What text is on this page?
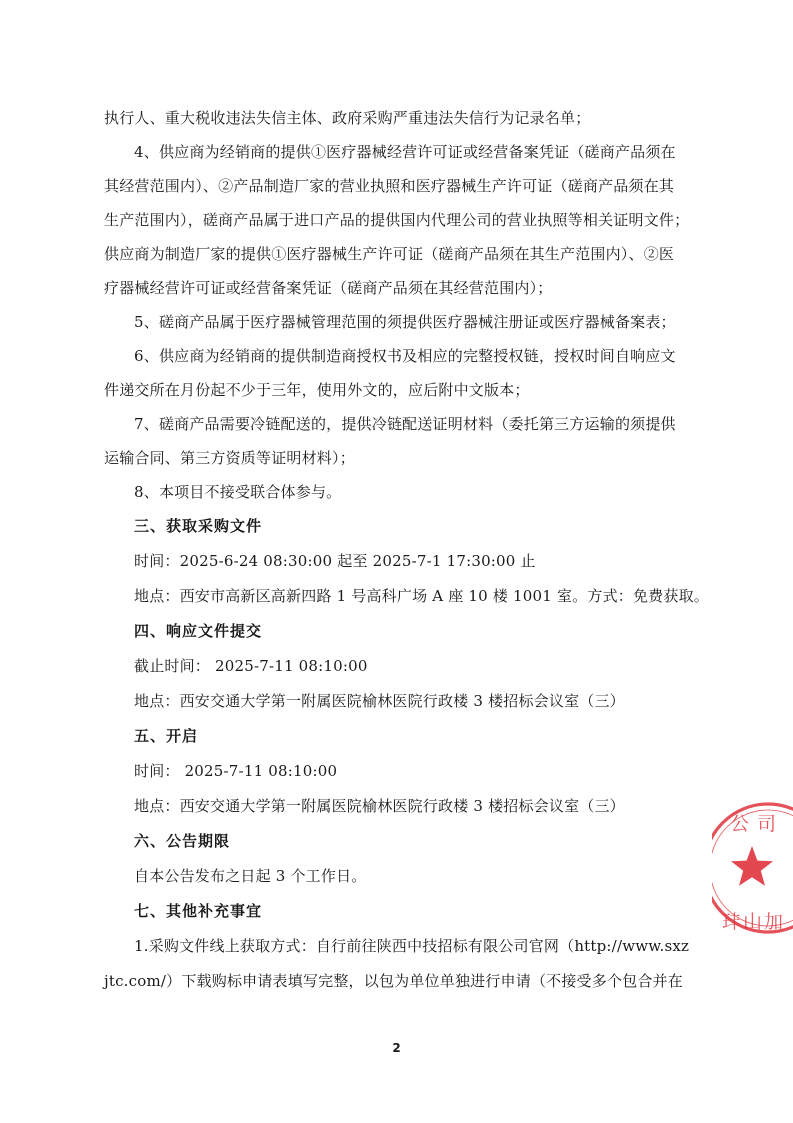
执行人、重大税收违法失信主体、政府采购严重违法失信行为记录名单；

4、供应商为经销商的提供①医疗器械经营许可证或经营备案凭证（磋商产品须在

其经营范围内）、②产品制造厂家的营业执照和医疗器械生产许可证（磋商产品须在其

生产范围内），磋商产品属于进口产品的提供国内代理公司的营业执照等相关证明文件；

供应商为制造厂家的提供①医疗器械生产许可证（磋商产品须在其生产范围内）、②医

疗器械经营许可证或经营备案凭证（磋商产品须在其经营范围内）；

5、磋商产品属于医疗器械管理范围的须提供医疗器械注册证或医疗器械备案表；

6、供应商为经销商的提供制造商授权书及相应的完整授权链，授权时间自响应文

件递交所在月份起不少于三年，使用外文的，应后附中文版本；

7、磋商产品需要冷链配送的，提供冷链配送证明材料（委托第三方运输的须提供

运输合同、第三方资质等证明材料）；

8、本项目不接受联合体参与。

三、获取采购文件

时间：2025-6-24 08:30:00 起至 2025-7-1 17:30:00 止

地点：西安市高新区高新四路 1 号高科广场 A 座 10 楼 1001 室。方式：免费获取。

四、响应文件提交

截止时间： 2025-7-11 08:10:00

地点：西安交通大学第一附属医院榆林医院行政楼 3 楼招标会议室（三）

五、开启

时间： 2025-7-11 08:10:00

地点：西安交通大学第一附属医院榆林医院行政楼 3 楼招标会议室（三）

六、公告期限

自本公告发布之日起 3 个工作日。

七、其他补充事宜

1.采购文件线上获取方式：自行前往陕西中技招标有限公司官网（http://www.sxz

jtc.com/）下载购标申请表填写完整，以包为单位单独进行申请（不接受多个包合并在

2
公司
玤山加
